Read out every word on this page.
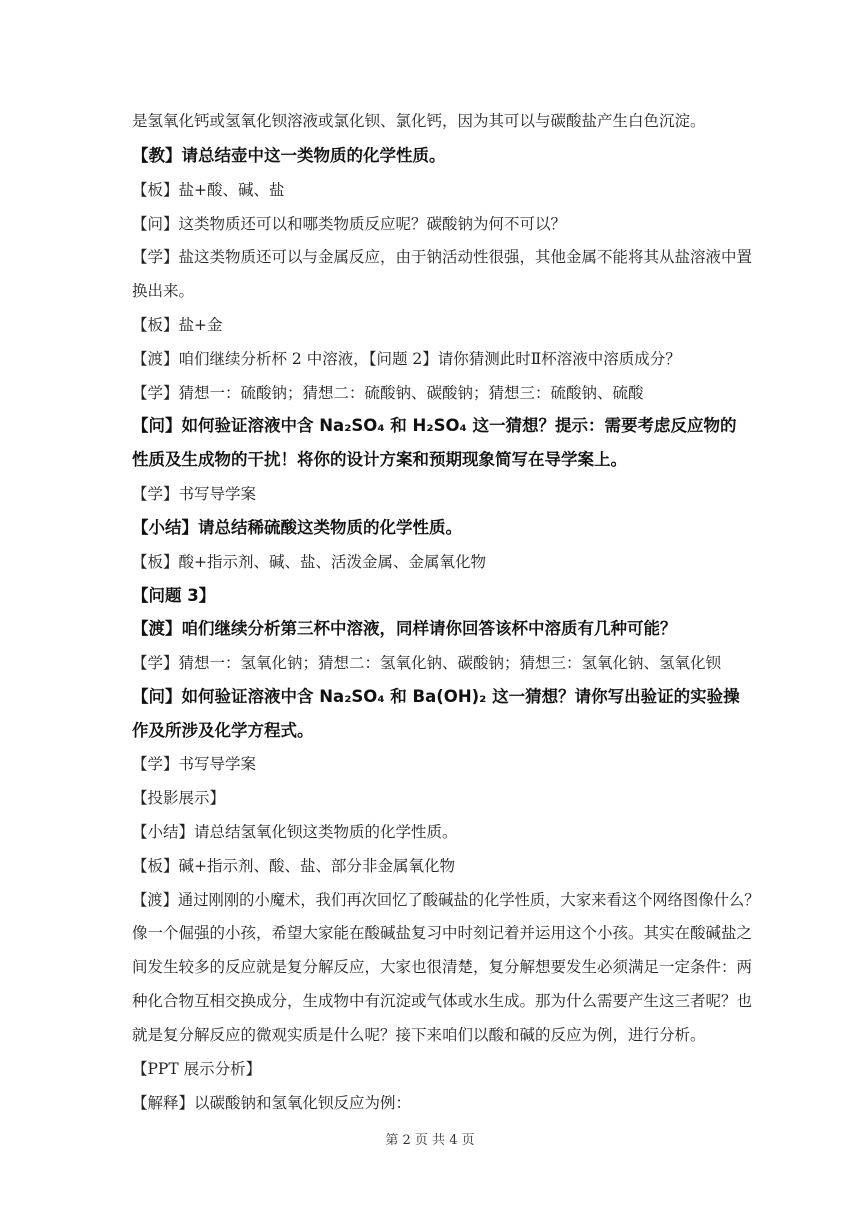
是氢氧化钙或氢氧化钡溶液或氯化钡、氯化钙，因为其可以与碳酸盐产生白色沉淀。
【教】请总结壶中这一类物质的化学性质。
【板】盐+酸、碱、盐
【问】这类物质还可以和哪类物质反应呢？碳酸钠为何不可以？
【学】盐这类物质还可以与金属反应，由于钠活动性很强，其他金属不能将其从盐溶液中置
换出来。
【板】盐+金
【渡】咱们继续分析杯 2 中溶液，【问题 2】请你猜测此时Ⅱ杯溶液中溶质成分？
【学】猜想一：硫酸钠；猜想二：硫酸钠、碳酸钠；猜想三：硫酸钠、硫酸
【问】如何验证溶液中含 Na₂SO₄ 和 H₂SO₄ 这一猜想？提示：需要考虑反应物的
性质及生成物的干扰！将你的设计方案和预期现象简写在导学案上。
【学】书写导学案
【小结】请总结稀硫酸这类物质的化学性质。
【板】酸+指示剂、碱、盐、活泼金属、金属氧化物
【问题 3】
【渡】咱们继续分析第三杯中溶液，同样请你回答该杯中溶质有几种可能？
【学】猜想一：氢氧化钠；猜想二：氢氧化钠、碳酸钠；猜想三：氢氧化钠、氢氧化钡
【问】如何验证溶液中含 Na₂SO₄ 和 Ba(OH)₂ 这一猜想？请你写出验证的实验操
作及所涉及化学方程式。
【学】书写导学案
【投影展示】
【小结】请总结氢氧化钡这类物质的化学性质。
【板】碱+指示剂、酸、盐、部分非金属氧化物
【渡】通过刚刚的小魔术，我们再次回忆了酸碱盐的化学性质，大家来看这个网络图像什么？
像一个倔强的小孩，希望大家能在酸碱盐复习中时刻记着并运用这个小孩。其实在酸碱盐之
间发生较多的反应就是复分解反应，大家也很清楚，复分解想要发生必须满足一定条件：两
种化合物互相交换成分，生成物中有沉淀或气体或水生成。那为什么需要产生这三者呢？也
就是复分解反应的微观实质是什么呢？接下来咱们以酸和碱的反应为例，进行分析。
【PPT 展示分析】
【解释】以碳酸钠和氢氧化钡反应为例：
第 2 页 共 4 页
